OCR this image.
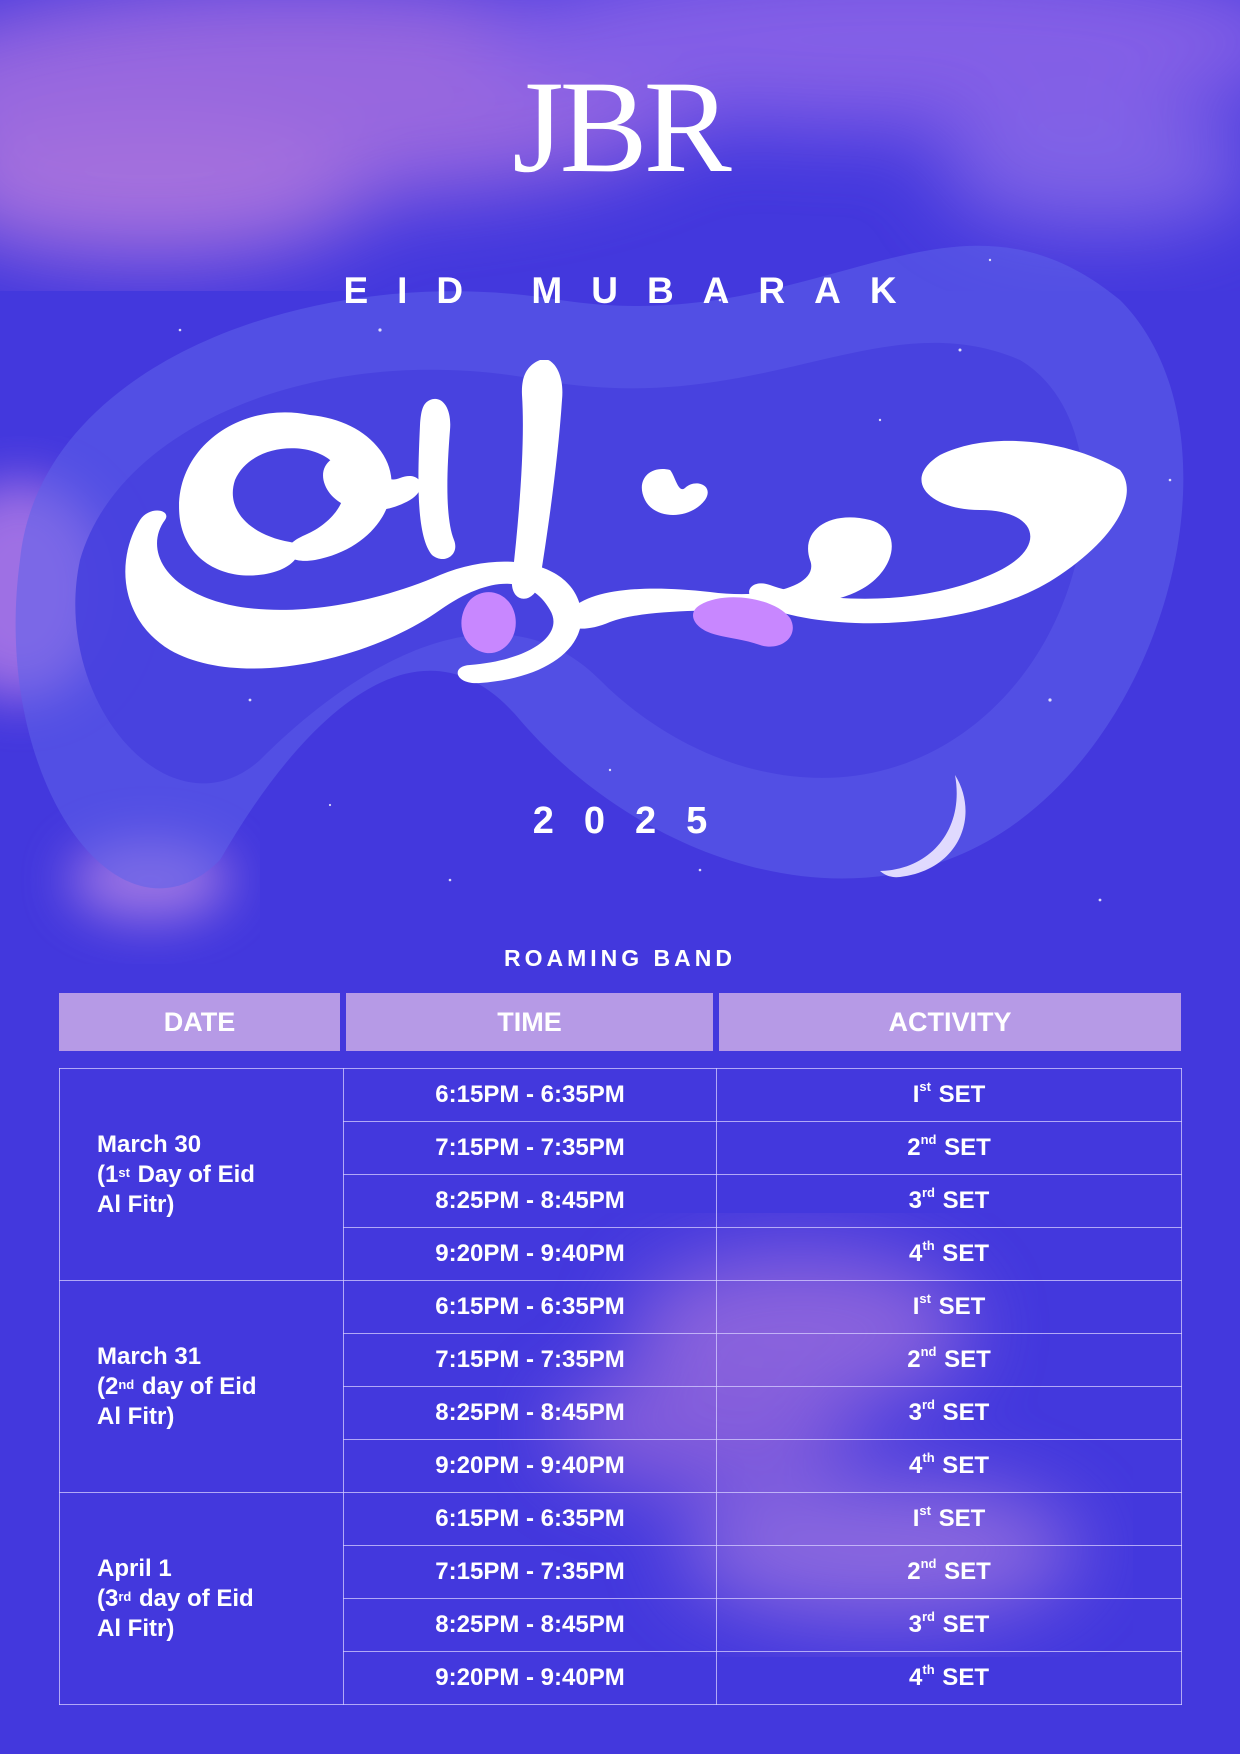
JBR
EID MUBARAK
2025
ROAMING BAND
DATE	TIME	ACTIVITY
March 30
(1st Day of Eid
Al Fitr)	6:15PM - 6:35PM	Ist SET
	7:15PM - 7:35PM	2nd SET
	8:25PM - 8:45PM	3rd SET
	9:20PM - 9:40PM	4th SET

March 31
(2nd day of Eid
Al Fitr)	6:15PM - 6:35PM	Ist SET
	7:15PM - 7:35PM	2nd SET
	8:25PM - 8:45PM	3rd SET
	9:20PM - 9:40PM	4th SET

April 1
(3rd day of Eid
Al Fitr)	6:15PM - 6:35PM	Ist SET
	7:15PM - 7:35PM	2nd SET
	8:25PM - 8:45PM	3rd SET
	9:20PM - 9:40PM	4th SET
